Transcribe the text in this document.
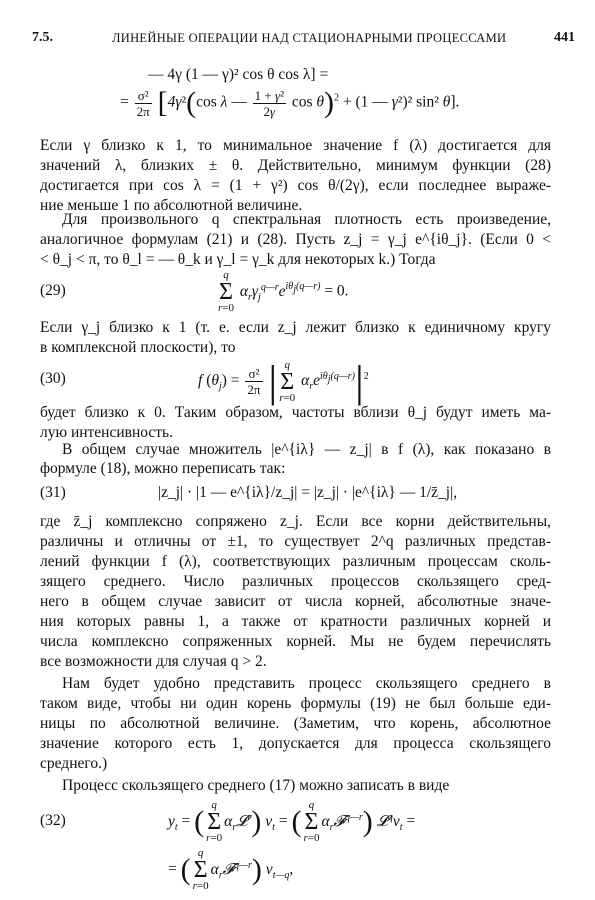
7.5.	ЛИНЕЙНЫЕ ОПЕРАЦИИ НАД СТАЦИОНАРНЫМИ ПРОЦЕССАМИ	441
— 4γ (1 — γ)² cos θ cos λ] =
= $\frac{\text{σ²}}{2\pi} [4\gamma^2(\cos$ λ — $\frac{\text{1 + γ²}}{2\gamma}$ cos θ)$^2$ + (1 — γ²)² sin² θ].
Если γ близко к 1, то минимальное значение f (λ) достигается для
значений λ, близких ± θ. Действительно, минимум функции (28)
достигается при cos λ = (1 + γ²) cos θ/(2γ), если последнее выраже-
ние меньше 1 по абсолютной величине.
Для произвольного q спектральная плотность есть произведение,
аналогичное формулам (21) и (28). Пусть z_j = γ_j e^{iθ_j}. (Если 0 <
< θ_j < π, то θ_l = — θ_k и γ_l = γ_k для некоторых k.) Тогда
(29)
q
Σ
r=0 $\alpha_r\gamma_j^{q—r}e^{i\theta_j(q—r)} = 0$.
Если γ_j близко к 1 (т. е. если z_j лежит близко к единичному кругу
в комплексной плоскости), то
(30)	f $(\theta_j) = \frac{\text{σ²}}{2\pi}$ | q
Σ
r=0 $\alpha_re^{i\theta_j(q—r)}|^2$
будет близко к 0. Таким образом, частоты вблизи θ_j будут иметь ма-
лую интенсивность.
В общем случае множитель |e^{iλ} — z_j| в f (λ), как показано в
формуле (18), можно переписать так:
(31)	|z_j| · |1 — e^{iλ}/z_j| = |z_j| · |e^{iλ} — 1/z̄_j|,
где z̄_j комплексно сопряжено z_j. Если все корни действительны,
различны и отличны от ±1, то существует 2^q различных представ-
лений функции f (λ), соответствующих различным процессам сколь-
зящего среднего. Число различных процессов скользящего сред-
него в общем случае зависит от числа корней, абсолютные значе-
ния которых равны 1, а также от кратности различных корней и
числа комплексно сопряженных корней. Мы не будем перечислять
все возможности для случая q > 2.
Нам будет удобно представить процесс скользящего среднего в
таком виде, чтобы ни один корень формулы (19) не был больше еди-
ницы по абсолютной величине. (Заметим, что корень, абсолютное
значение которого есть 1, допускается для процесса скользящего
среднего.)
Процесс скользящего среднего (17) можно записать в виде
(32)	$y_t$ = ( q
Σ
$r=0\alpha_r𝓛^r$) $v_t$ = ( q
Σ
$r=0\alpha_r𝓕^{q—r}$) $𝓛^qv_t$ =
= ( q
Σ
$r=0\alpha_r𝓕^{q—r}$) $v_{t—q}$,
